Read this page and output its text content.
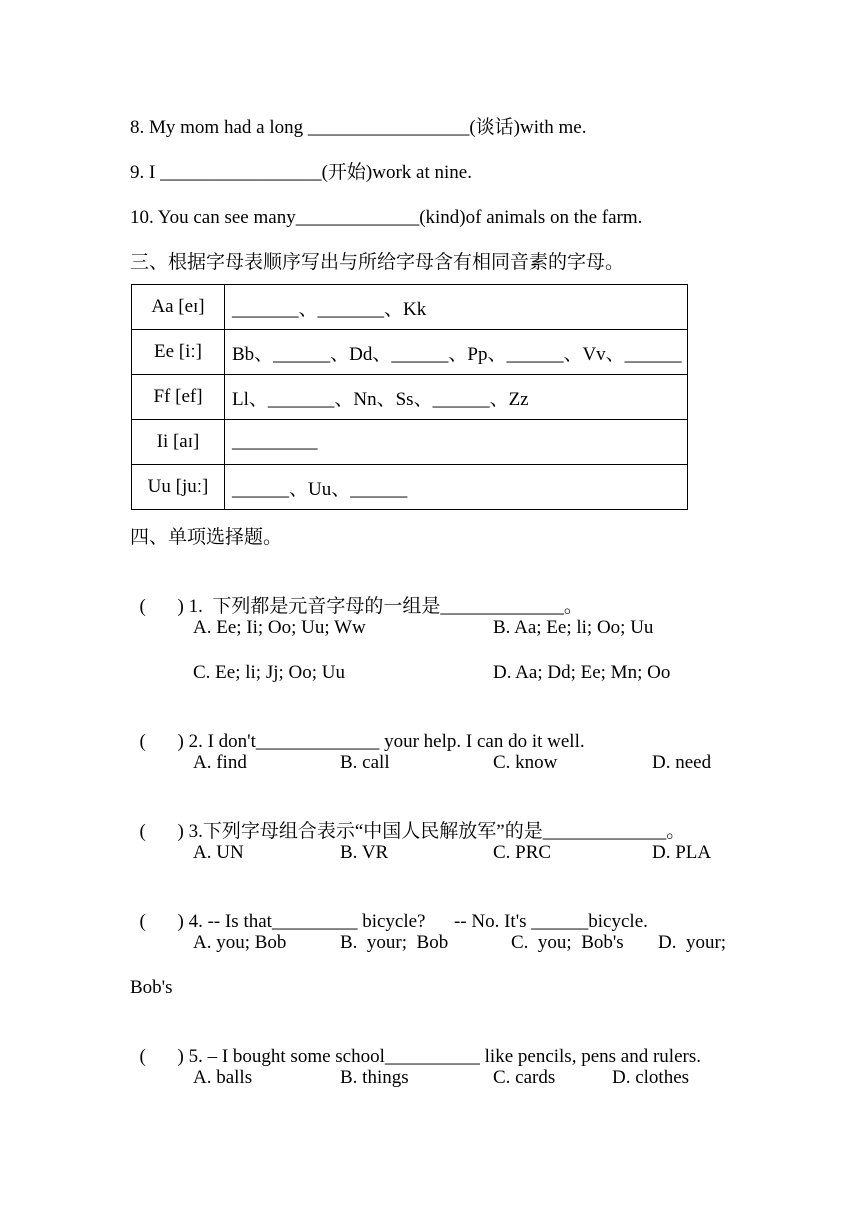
8. My mom had a long _________________(谈话)with me.
9. I _________________(开始)work at nine.
10. You can see many_____________(kind)of animals on the farm.
三、根据字母表顺序写出与所给字母含有相同音素的字母。
Aa [eɪ]	_______、_______、Kk
Ee [iː]	Bb、______、Dd、______、Pp、______、Vv、______
Ff [ef]	Ll、_______、Nn、Ss、______、Zz
Ii [aɪ]	_________
Uu [juː]	______、Uu、______
四、单项选择题。

( ) 1.  下列都是元音字母的一组是_____________。

A. Ee; Ii; Oo; Uu; Ww	B. Aa; Ee; li; Oo; Uu
C. Ee; li; Jj; Oo; Uu	D. Aa; Dd; Ee; Mn; Oo

( ) 2. I don't_____________ your help. I can do it well.

A. find	B. call	C. know	D. need

( ) 3.下列字母组合表示“中国人民解放军”的是_____________。

A. UN	B. VR	C. PRC	D. PLA

( ) 4. -- Is that_________ bicycle?      -- No. It's ______bicycle.

A. you; Bob	B.  your;  Bob	C.  you;  Bob's D.  your;
Bob's

( ) 5. – I bought some school__________ like pencils, pens and rulers.

A. balls	B. things	C. cards	D. clothes
